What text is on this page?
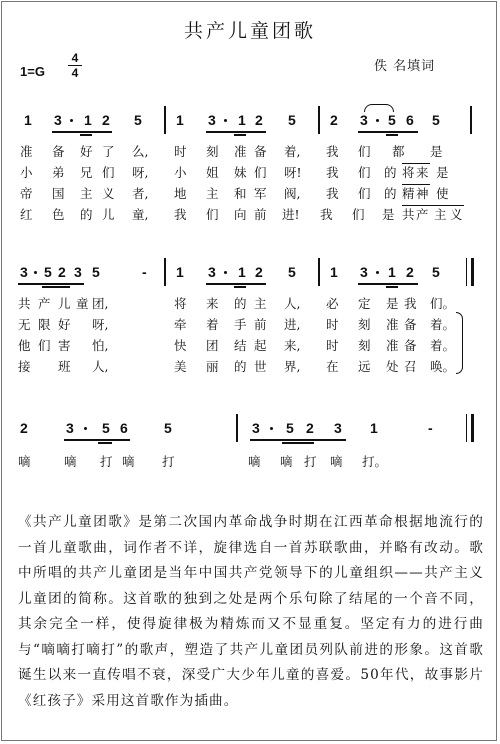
共产儿童团歌
1=G
4
4	佚 名填词
1 3 1 2 5 1 3 1 2 5 2 3 5 6 5
准 备 好 了 么, 时 刻 准 备 着, 我 们 都 是
小 弟 兄 们 呀, 小 姐 妹 们 呀! 我 们 的 将 来 是
帝 国 主 义 者, 地 主 和 军 阀, 我 们 的 精 神 使
红 色 的 儿 童, 我 们 向 前 进! 我 们 是 共 产 主 义
3 5 2 3 5	- 1 3 1 2 5 1 3 1 2 5
共 产 儿 童 团,	将 来 的 主 人, 必 定 是 我 们。
无 限 好 呀,	牵 着 手 前 进, 时 刻 准 备 着。
他 们 害 怕,	快 团 结 起 来, 时 刻 准 备 着。
接 班 人,	美 丽 的 世 界, 在 远 处 召 唤。
2	3 5 6	5	3 5 2 3 1	-
嘀	嘀 打 嘀 打	嘀 嘀 打 嘀 打。

《共产儿童团歌》是第二次国内革命战争时期在江西革命根据地流行的一首儿童歌曲，词作者不详，旋律选自一首苏联歌曲，并略有改动。歌中所唱的共产儿童团是当年中国共产党领导下的儿童组织——共产主义儿童团的简称。这首歌的独到之处是两个乐句除了结尾的一个音不同，其余完全一样，使得旋律极为精炼而又不显重复。坚定有力的进行曲与“嘀嘀打嘀打”的歌声，塑造了共产儿童团员列队前进的形象。这首歌诞生以来一直传唱不衰，深受广大少年儿童的喜爱。50年代，故事影片《红孩子》采用这首歌作为插曲。
